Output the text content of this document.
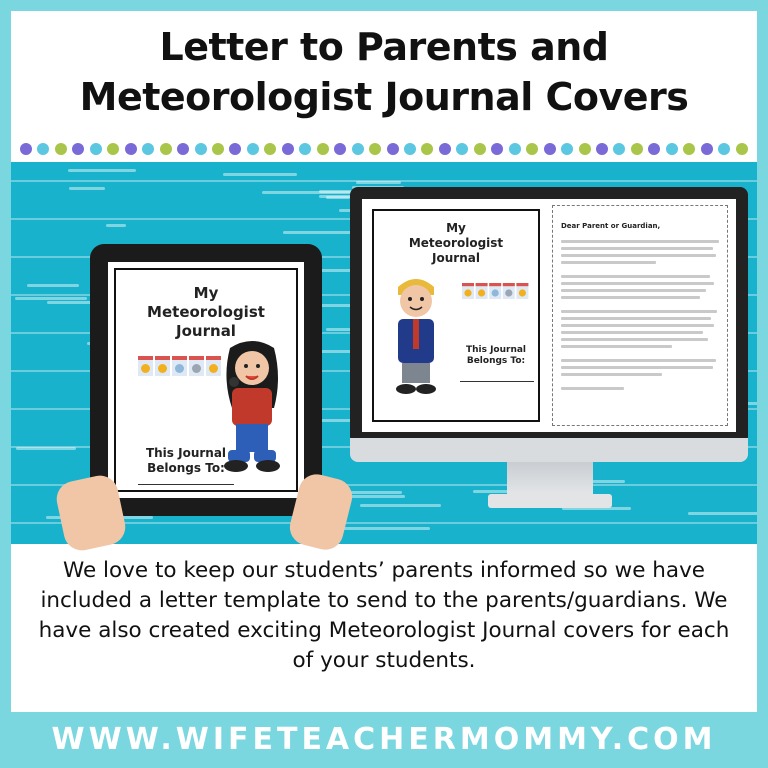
Letter to Parents and
Meteorologist Journal Covers
My
Meteorologist
Journal
This Journal
Belongs To:
My
Meteorologist
Journal
This Journal
Belongs To:
Dear Parent or Guardian,

We love to keep our students’ parents informed so we have included a letter template to send to the parents/guardians. We have also created exciting Meteorologist Journal covers for each of your students.

WWW.WIFETEACHERMOMMY.COM
